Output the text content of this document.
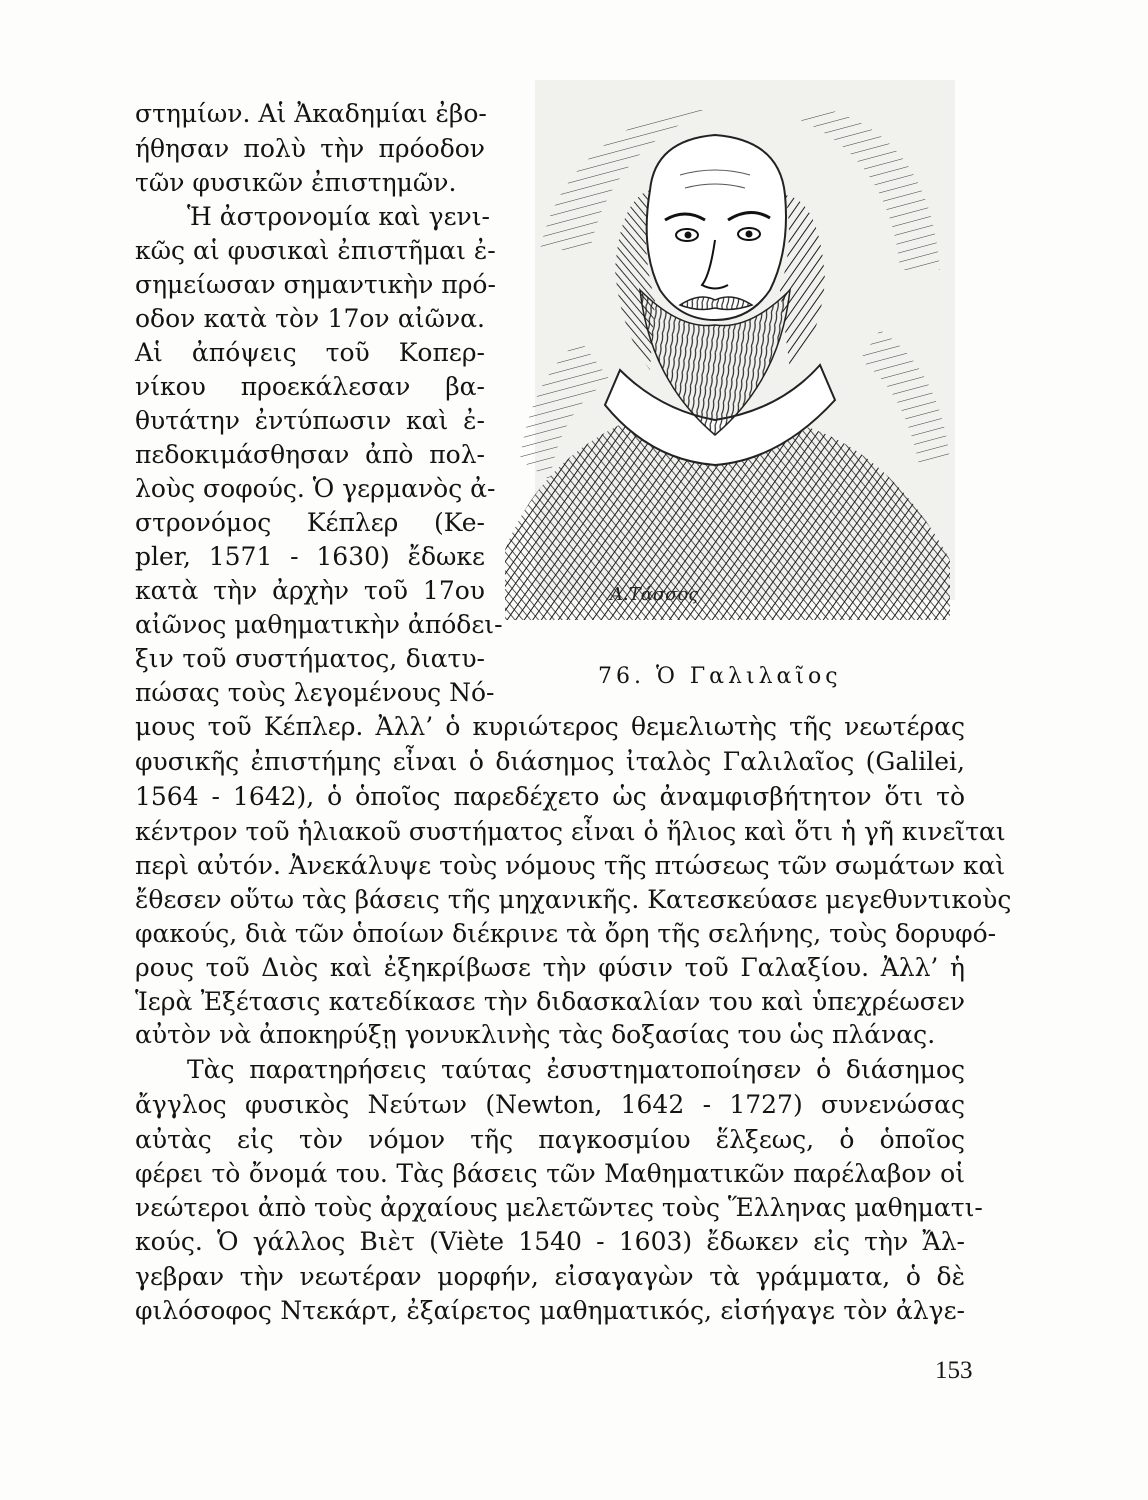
στημίων. Αἱ Ἀκαδημίαι ἐβο-
ήθησαν πολὺ τὴν πρόοδον
τῶν φυσικῶν ἐπιστημῶν.
Ἡ ἀστρονομία καὶ γενι-
κῶς αἱ φυσικαὶ ἐπιστῆμαι ἐ-
σημείωσαν σημαντικὴν πρό-
οδον κατὰ τὸν 17ον αἰῶνα.
Αἱ ἀπόψεις τοῦ Κοπερ-
νίκου προεκάλεσαν βα-
θυτάτην ἐντύπωσιν καὶ ἐ-
πεδοκιμάσθησαν ἀπὸ πολ-
λοὺς σοφούς. Ὁ γερμανὸς ἀ-
στρονόμος Κέπλερ (Ke-
pler, 1571 - 1630) ἔδωκε
κατὰ τὴν ἀρχὴν τοῦ 17ου
αἰῶνος μαθηματικὴν ἀπόδει-
ξιν τοῦ συστήματος, διατυ-
πώσας τοὺς λεγομένους Νό-
μους τοῦ Κέπλερ. Ἀλλ’ ὁ κυριώτερος θεμελιωτὴς τῆς νεωτέρας
φυσικῆς ἐπιστήμης εἶναι ὁ διάσημος ἰταλὸς Γαλιλαῖος (Galilei,
1564 - 1642), ὁ ὁποῖος παρεδέχετο ὡς ἀναμφισβήτητον ὅτι τὸ
κέντρον τοῦ ἡλιακοῦ συστήματος εἶναι ὁ ἥλιος καὶ ὅτι ἡ γῆ κινεῖται
περὶ αὐτόν. Ἀνεκάλυψε τοὺς νόμους τῆς πτώσεως τῶν σωμάτων καὶ
ἔθεσεν οὕτω τὰς βάσεις τῆς μηχανικῆς. Κατεσκεύασε μεγεθυντικοὺς
φακούς, διὰ τῶν ὁποίων διέκρινε τὰ ὄρη τῆς σελήνης, τοὺς δορυφό-
ρους τοῦ Διὸς καὶ ἐξηκρίβωσε τὴν φύσιν τοῦ Γαλαξίου. Ἀλλ’ ἡ
Ἱερὰ Ἐξέτασις κατεδίκασε τὴν διδασκαλίαν του καὶ ὑπεχρέωσεν
αὐτὸν νὰ ἀποκηρύξῃ γονυκλινὴς τὰς δοξασίας του ὡς πλάνας.
Τὰς παρατηρήσεις ταύτας ἐσυστηματοποίησεν ὁ διάσημος
ἄγγλος φυσικὸς Νεύτων (Newton, 1642 - 1727) συνενώσας
αὐτὰς εἰς τὸν νόμον τῆς παγκοσμίου ἕλξεως, ὁ ὁποῖος
φέρει τὸ ὄνομά του. Τὰς βάσεις τῶν Μαθηματικῶν παρέλαβον οἱ
νεώτεροι ἀπὸ τοὺς ἀρχαίους μελετῶντες τοὺς Ἕλληνας μαθηματι-
κούς. Ὁ γάλλος Βιὲτ (Viète 1540 - 1603) ἔδωκεν εἰς τὴν Ἄλ-
γεβραν τὴν νεωτέραν μορφήν, εἰσαγαγὼν τὰ γράμματα, ὁ δὲ
φιλόσοφος Ντεκάρτ, ἐξαίρετος μαθηματικός, εἰσήγαγε τὸν ἀλγε-
A.Tάσσος
76. Ὁ Γαλιλαῖος
153
